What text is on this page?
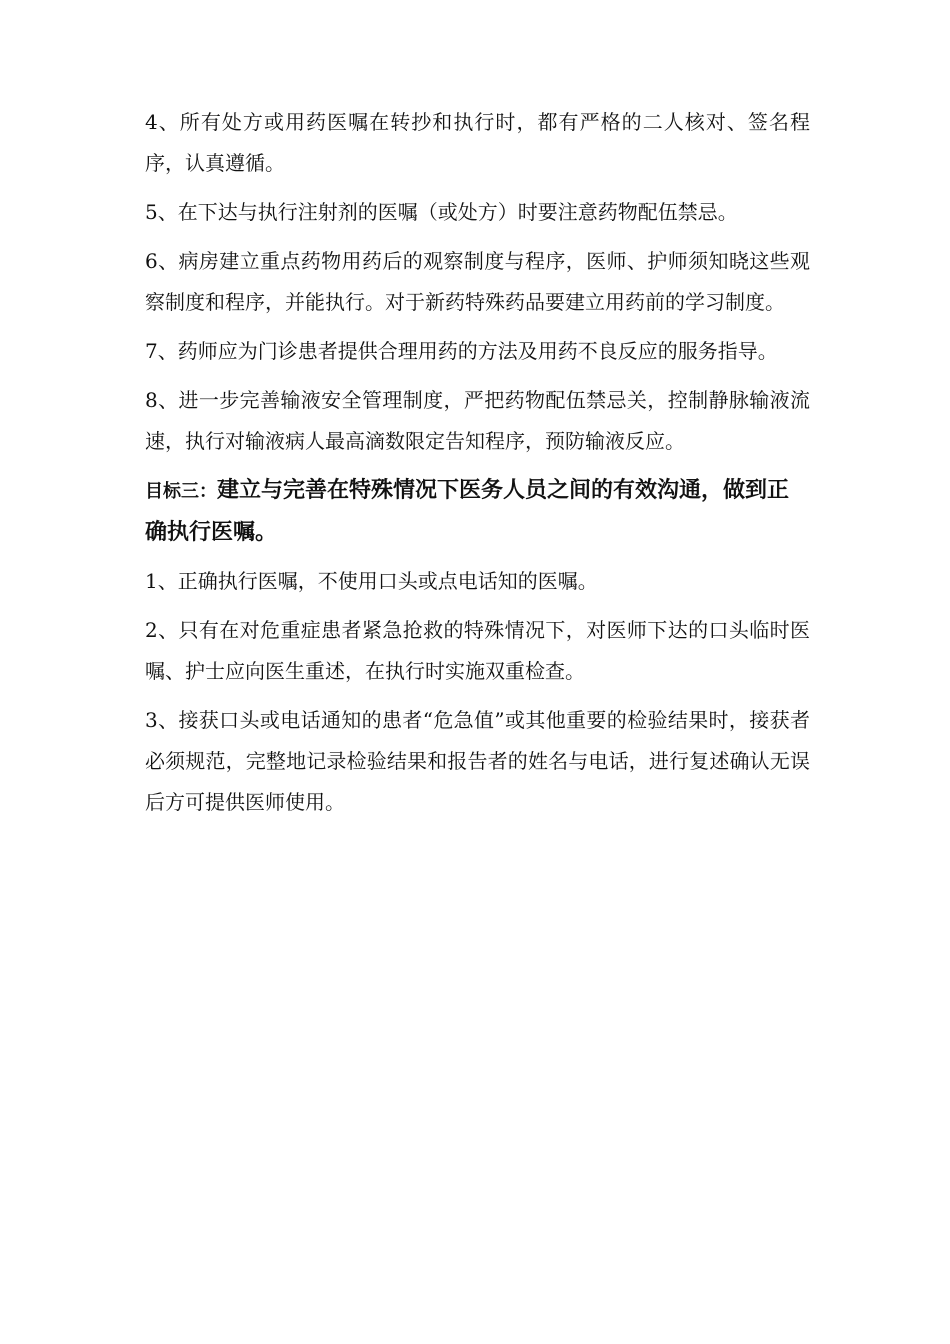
4、所有处方或用药医嘱在转抄和执行时，都有严格的二人核对、签名程序，认真遵循。

5、在下达与执行注射剂的医嘱（或处方）时要注意药物配伍禁忌。

6、病房建立重点药物用药后的观察制度与程序，医师、护师须知晓这些观察制度和程序，并能执行。对于新药特殊药品要建立用药前的学习制度。

7、药师应为门诊患者提供合理用药的方法及用药不良反应的服务指导。

8、进一步完善输液安全管理制度，严把药物配伍禁忌关，控制静脉输液流速，执行对输液病人最高滴数限定告知程序，预防输液反应。

目标三：建立与完善在特殊情况下医务人员之间的有效沟通，做到正确执行医嘱。

1、正确执行医嘱，不使用口头或点电话知的医嘱。

2、只有在对危重症患者紧急抢救的特殊情况下，对医师下达的口头临时医嘱、护士应向医生重述，在执行时实施双重检查。

3、接获口头或电话通知的患者“危急值”或其他重要的检验结果时，接获者必须规范，完整地记录检验结果和报告者的姓名与电话，进行复述确认无误后方可提供医师使用。
